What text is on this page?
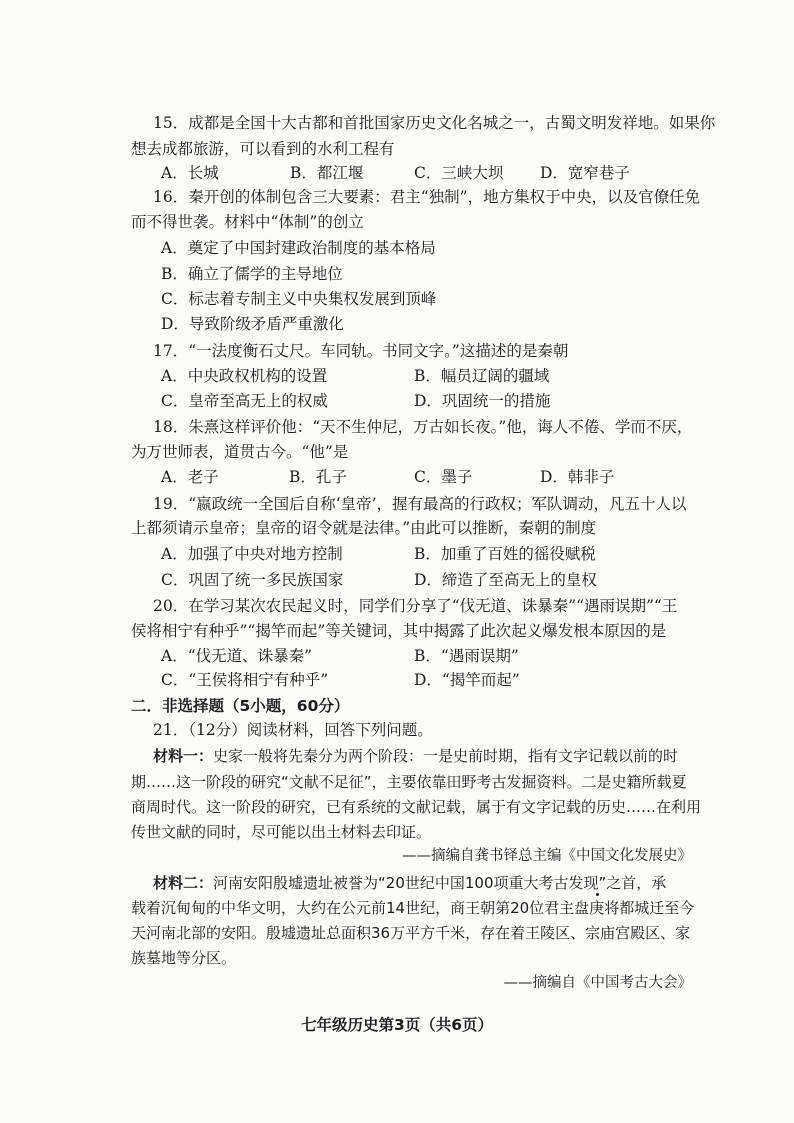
15．成都是全国十大古都和首批国家历史文化名城之一，古蜀文明发祥地。如果你
想去成都旅游，可以看到的水利工程有
A．长城	B．都江堰	C．三峡大坝 D．宽窄巷子
16．秦开创的体制包含三大要素：君主“独制”，地方集权于中央，以及官僚任免
而不得世袭。材料中“体制”的创立
A．奠定了中国封建政治制度的基本格局
B．确立了儒学的主导地位
C．标志着专制主义中央集权发展到顶峰
D．导致阶级矛盾严重激化
17．“一法度衡石丈尺。车同轨。书同文字。”这描述的是秦朝
A．中央政权机构的设置	B．幅员辽阔的疆域
C．皇帝至高无上的权威	D．巩固统一的措施
18．朱熹这样评价他：“天不生仲尼，万古如长夜。”他，诲人不倦、学而不厌，
为万世师表，道贯古今。“他”是
A．老子	B．孔子	C．墨子	D．韩非子
19．“嬴政统一全国后自称‘皇帝’，握有最高的行政权；军队调动，凡五十人以
上都须请示皇帝；皇帝的诏令就是法律。”由此可以推断，秦朝的制度
A．加强了中央对地方控制	B．加重了百姓的徭役赋税
C．巩固了统一多民族国家	D．缔造了至高无上的皇权
20．在学习某次农民起义时，同学们分享了“伐无道、诛暴秦”“遇雨误期”“王
侯将相宁有种乎”“揭竿而起”等关键词，其中揭露了此次起义爆发根本原因的是
A．“伐无道、诛暴秦”	B．“遇雨误期”
C．“王侯将相宁有种乎”	D．“揭竿而起”
二．非选择题（5小题，60分）
21．（12分）阅读材料，回答下列问题。
材料一：史家一般将先秦分为两个阶段：一是史前时期，指有文字记载以前的时
期……这一阶段的研究“文献不足征”，主要依靠田野考古发掘资料。二是史籍所载夏
商周时代。这一阶段的研究，已有系统的文献记载，属于有文字记载的历史……在利用
传世文献的同时，尽可能以出土材料去印证。
——摘编自龚书铎总主编《中国文化发展史》
材料二：河南安阳殷墟遗址被誉为“20世纪中国100项重大考古发现”之首，承
载着沉甸甸的中华文明，大约在公元前14世纪，商王朝第20位君主盘庚将都城迁至今
天河南北部的安阳。殷墟遗址总面积36万平方千米，存在着王陵区、宗庙宫殿区、家
族墓地等分区。
——摘编自《中国考古大会》
七年级历史第3页（共6页）
